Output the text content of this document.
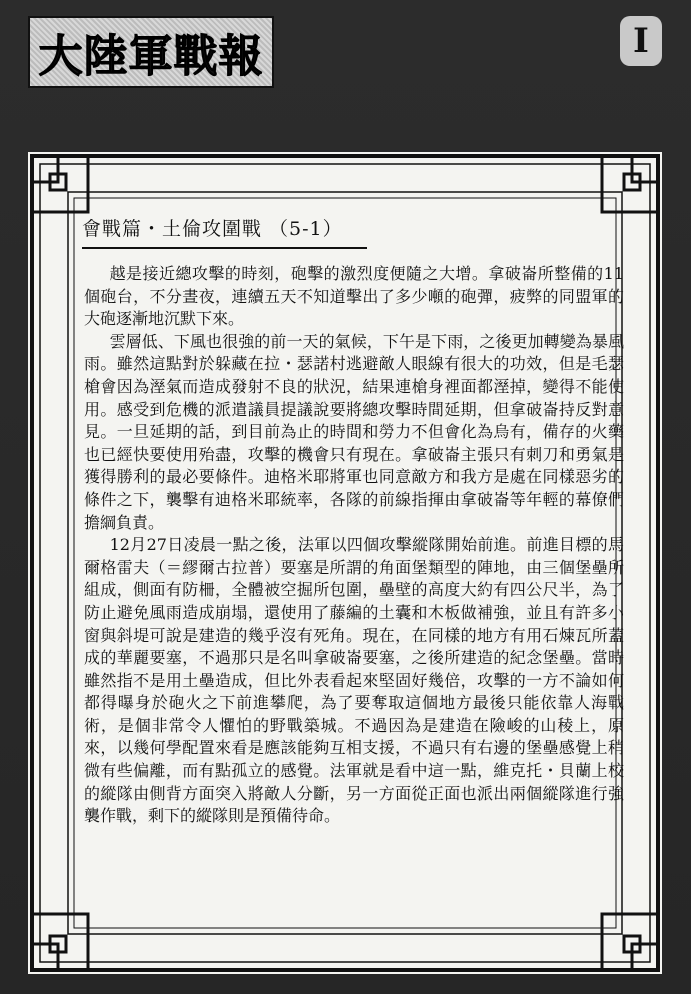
大陸軍戰報	I
會戰篇・土倫攻圍戰 （5-1）

越是接近總攻擊的時刻，砲擊的激烈度便隨之大增。拿破崙所整備的11個砲台，不分晝夜，連續五天不知道擊出了多少噸的砲彈，疲弊的同盟軍的大砲逐漸地沉默下來。

雲層低、下風也很強的前一天的氣候，下午是下雨，之後更加轉變為暴風雨。雖然這點對於躲藏在拉・瑟諾村逃避敵人眼線有很大的功效，但是毛瑟槍會因為溼氣而造成發射不良的狀況，結果連槍身裡面都溼掉，變得不能使用。感受到危機的派遣議員提議說要將總攻擊時間延期，但拿破崙持反對意見。一旦延期的話，到目前為止的時間和勞力不但會化為烏有，備存的火藥也已經快要使用殆盡，攻擊的機會只有現在。拿破崙主張只有刺刀和勇氣是獲得勝利的最必要條件。迪格米耶將軍也同意敵方和我方是處在同樣惡劣的條件之下，襲擊有迪格米耶統率，各隊的前線指揮由拿破崙等年輕的幕僚們擔綱負責。

12月27日凌晨一點之後，法軍以四個攻擊縱隊開始前進。前進目標的馬爾格雷夫（＝繆爾古拉普）要塞是所謂的角面堡類型的陣地，由三個堡壘所組成，側面有防柵，全體被空掘所包圍，壘壁的高度大約有四公尺半，為了防止避免風雨造成崩塌，還使用了藤編的土囊和木板做補強，並且有許多小窗與斜堤可說是建造的幾乎沒有死角。現在，在同樣的地方有用石煉瓦所蓋成的華麗要塞，不過那只是名叫拿破崙要塞，之後所建造的紀念堡壘。當時雖然指不是用土壘造成，但比外表看起來堅固好幾倍，攻擊的一方不論如何都得曝身於砲火之下前進攀爬，為了要奪取這個地方最後只能依靠人海戰術，是個非常令人懼怕的野戰築城。不過因為是建造在險峻的山稜上，原來，以幾何學配置來看是應該能夠互相支援，不過只有右邊的堡壘感覺上稍微有些偏離，而有點孤立的感覺。法軍就是看中這一點，維克托・貝蘭上校的縱隊由側背方面突入將敵人分斷，另一方面從正面也派出兩個縱隊進行強襲作戰，剩下的縱隊則是預備待命。
